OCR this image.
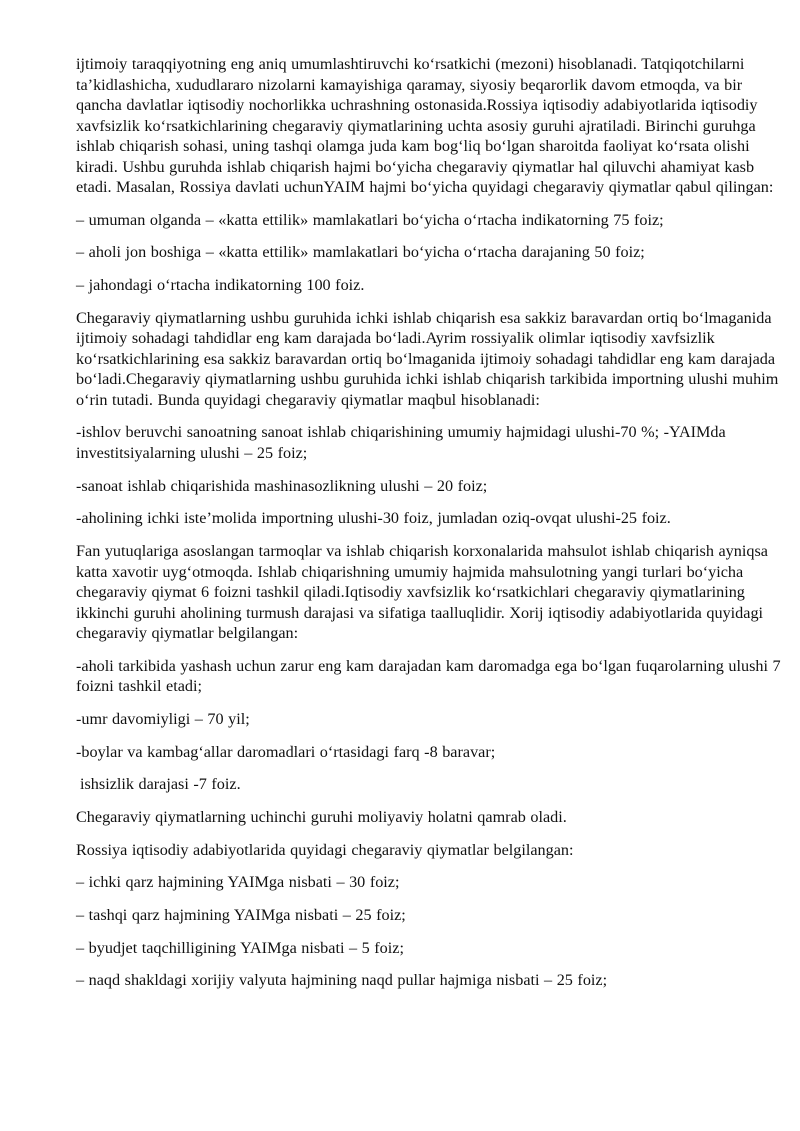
ijtimoiy taraqqiyotning eng aniq umumlashtiruvchi koʻrsatkichi (mezoni) hisoblanadi. Tatqiqotchilarni taʼkidlashicha, xududlararo nizolarni kamayishiga qaramay, siyosiy beqarorlik davom etmoqda, va bir qancha davlatlar iqtisodiy nochorlikka uchrashning ostonasida.Rossiya iqtisodiy adabiyotlarida iqtisodiy xavfsizlik koʻrsatkichlarining chegaraviy qiymatlarining uchta asosiy guruhi ajratiladi. Birinchi guruhga ishlab chiqarish sohasi, uning tashqi olamga juda kam bogʻliq boʻlgan sharoitda faoliyat koʻrsata olishi kiradi. Ushbu guruhda ishlab chiqarish hajmi boʻyicha chegaraviy qiymatlar hal qiluvchi ahamiyat kasb etadi. Masalan, Rossiya davlati uchunYAIM hajmi boʻyicha quyidagi chegaraviy qiymatlar qabul qilingan:

– umuman olganda – «katta ettilik» mamlakatlari boʻyicha oʻrtacha indikatorning 75 foiz;

– aholi jon boshiga – «katta ettilik» mamlakatlari boʻyicha oʻrtacha darajaning 50 foiz;

– jahondagi oʻrtacha indikatorning 100 foiz.

Chegaraviy qiymatlarning ushbu guruhida ichki ishlab chiqarish esa sakkiz baravardan ortiq boʻlmaganida ijtimoiy sohadagi tahdidlar eng kam darajada boʻladi.Ayrim rossiyalik olimlar iqtisodiy xavfsizlik koʻrsatkichlarining esa sakkiz baravardan ortiq boʻlmaganida ijtimoiy sohadagi tahdidlar eng kam darajada boʻladi.Chegaraviy qiymatlarning ushbu guruhida ichki ishlab chiqarish tarkibida importning ulushi muhim oʻrin tutadi. Bunda quyidagi chegaraviy qiymatlar maqbul hisoblanadi:

-ishlov beruvchi sanoatning sanoat ishlab chiqarishining umumiy hajmidagi ulushi-70 %; -YAIMda investitsiyalarning ulushi – 25 foiz;

-sanoat ishlab chiqarishida mashinasozlikning ulushi – 20 foiz;

-aholining ichki isteʼmolida importning ulushi-30 foiz, jumladan oziq-ovqat ulushi-25 foiz.

Fan yutuqlariga asoslangan tarmoqlar va ishlab chiqarish korxonalarida mahsulot ishlab chiqarish ayniqsa katta xavotir uygʻotmoqda. Ishlab chiqarishning umumiy hajmida mahsulotning yangi turlari boʻyicha chegaraviy qiymat 6 foizni tashkil qiladi.Iqtisodiy xavfsizlik koʻrsatkichlari chegaraviy qiymatlarining ikkinchi guruhi aholining turmush darajasi va sifatiga taalluqlidir. Xorij iqtisodiy adabiyotlarida quyidagi chegaraviy qiymatlar belgilangan:

-aholi tarkibida yashash uchun zarur eng kam darajadan kam daromadga ega boʻlgan fuqarolarning ulushi 7 foizni tashkil etadi;

-umr davomiyligi – 70 yil;

-boylar va kambagʻallar daromadlari oʻrtasidagi farq -8 baravar;

ishsizlik darajasi -7 foiz.

Chegaraviy qiymatlarning uchinchi guruhi moliyaviy holatni qamrab oladi.

Rossiya iqtisodiy adabiyotlarida quyidagi chegaraviy qiymatlar belgilangan:

– ichki qarz hajmining YAIMga nisbati – 30 foiz;

– tashqi qarz hajmining YAIMga nisbati – 25 foiz;

– byudjet taqchilligining YAIMga nisbati – 5 foiz;

– naqd shakldagi xorijiy valyuta hajmining naqd pullar hajmiga nisbati – 25 foiz;
